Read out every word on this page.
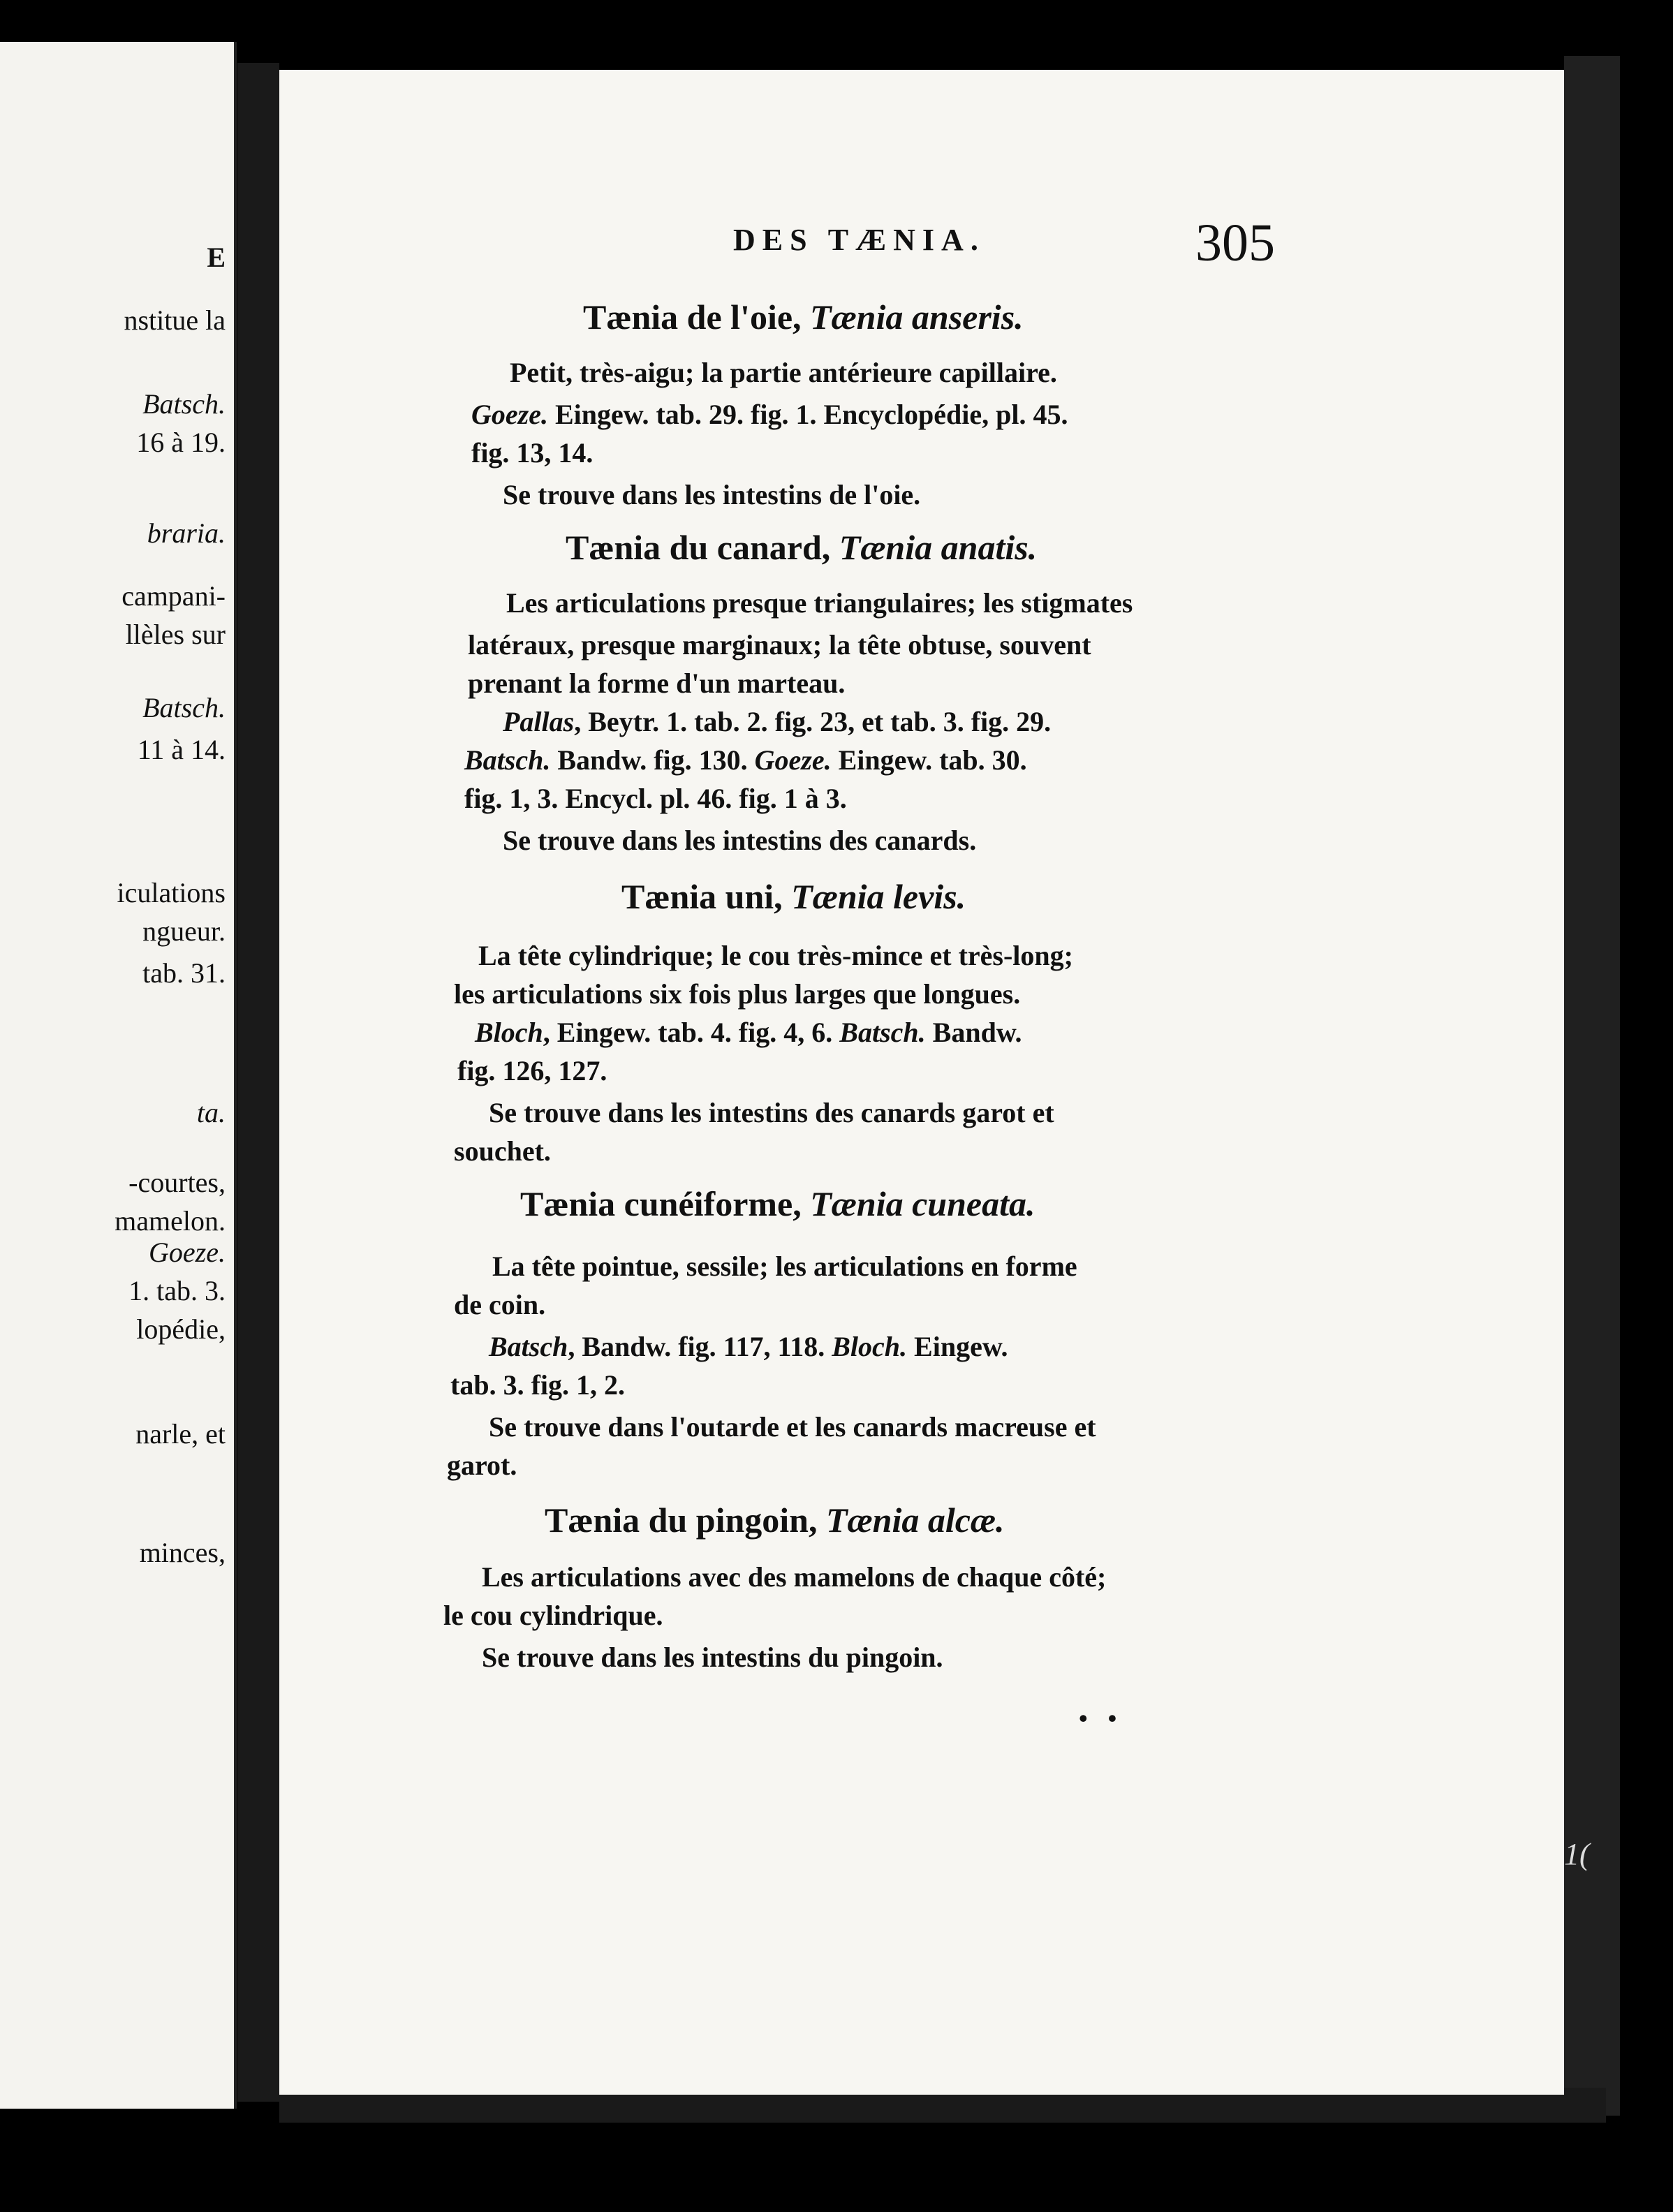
E
nstitue la
Batsch.
16 à 19.
braria.
campani-
llèles sur
Batsch.
11 à 14.
iculations
ngueur.
tab. 31.
ta.
-courtes,
mamelon.
Goeze.
1. tab. 3.
lopédie,
narle, et
minces,
DES TÆNIA.	305
Tænia de l'oie, Tænia anseris.
Petit, très-aigu; la partie antérieure capillaire.
Goeze. Eingew. tab. 29. fig. 1. Encyclopédie, pl. 45.
fig. 13, 14.
Se trouve dans les intestins de l'oie.
Tænia du canard, Tænia anatis.
Les articulations presque triangulaires; les stigmates
latéraux, presque marginaux; la tête obtuse, souvent
prenant la forme d'un marteau.
Pallas, Beytr. 1. tab. 2. fig. 23, et tab. 3. fig. 29.
Batsch. Bandw. fig. 130. Goeze. Eingew. tab. 30.
fig. 1, 3. Encycl. pl. 46. fig. 1 à 3.
Se trouve dans les intestins des canards.
Tænia uni, Tænia levis.
La tête cylindrique; le cou très-mince et très-long;
les articulations six fois plus larges que longues.
Bloch, Eingew. tab. 4. fig. 4, 6. Batsch. Bandw.
fig. 126, 127.
Se trouve dans les intestins des canards garot et
souchet.
Tænia cunéiforme, Tænia cuneata.
La tête pointue, sessile; les articulations en forme
de coin.
Batsch, Bandw. fig. 117, 118. Bloch. Eingew.
tab. 3. fig. 1, 2.
Se trouve dans l'outarde et les canards macreuse et
garot.
Tænia du pingoin, Tænia alcæ.
Les articulations avec des mamelons de chaque côté;
le cou cylindrique.
Se trouve dans les intestins du pingoin.
• •
1(
